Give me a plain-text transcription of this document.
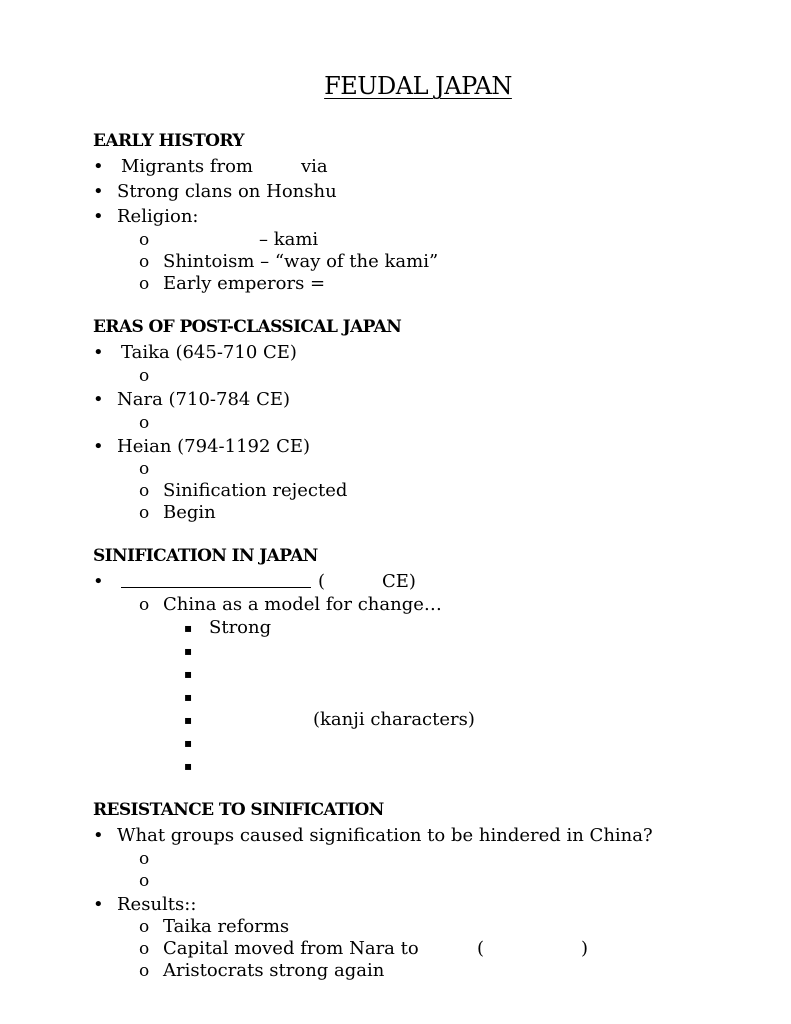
FEUDAL JAPAN
EARLY HISTORY
• Migrants from	via
• Strong clans on Honshu
• Religion:
o	– kami
o Shintoism – “way of the kami”
o Early emperors =
ERAS OF POST-CLASSICAL JAPAN
• Taika (645-710 CE)
o
• Nara (710-784 CE)
o
• Heian (794-1192 CE)
o
o Sinification rejected
o Begin
SINIFICATION IN JAPAN
•	(	CE)
o China as a model for change…
▪ Strong
▪
▪
▪
▪	(kanji characters)
▪
▪
RESISTANCE TO SINIFICATION
• What groups caused signification to be hindered in China?
o
o
• Results::
o Taika reforms
o Capital moved from Nara to	(	)
o Aristocrats strong again
